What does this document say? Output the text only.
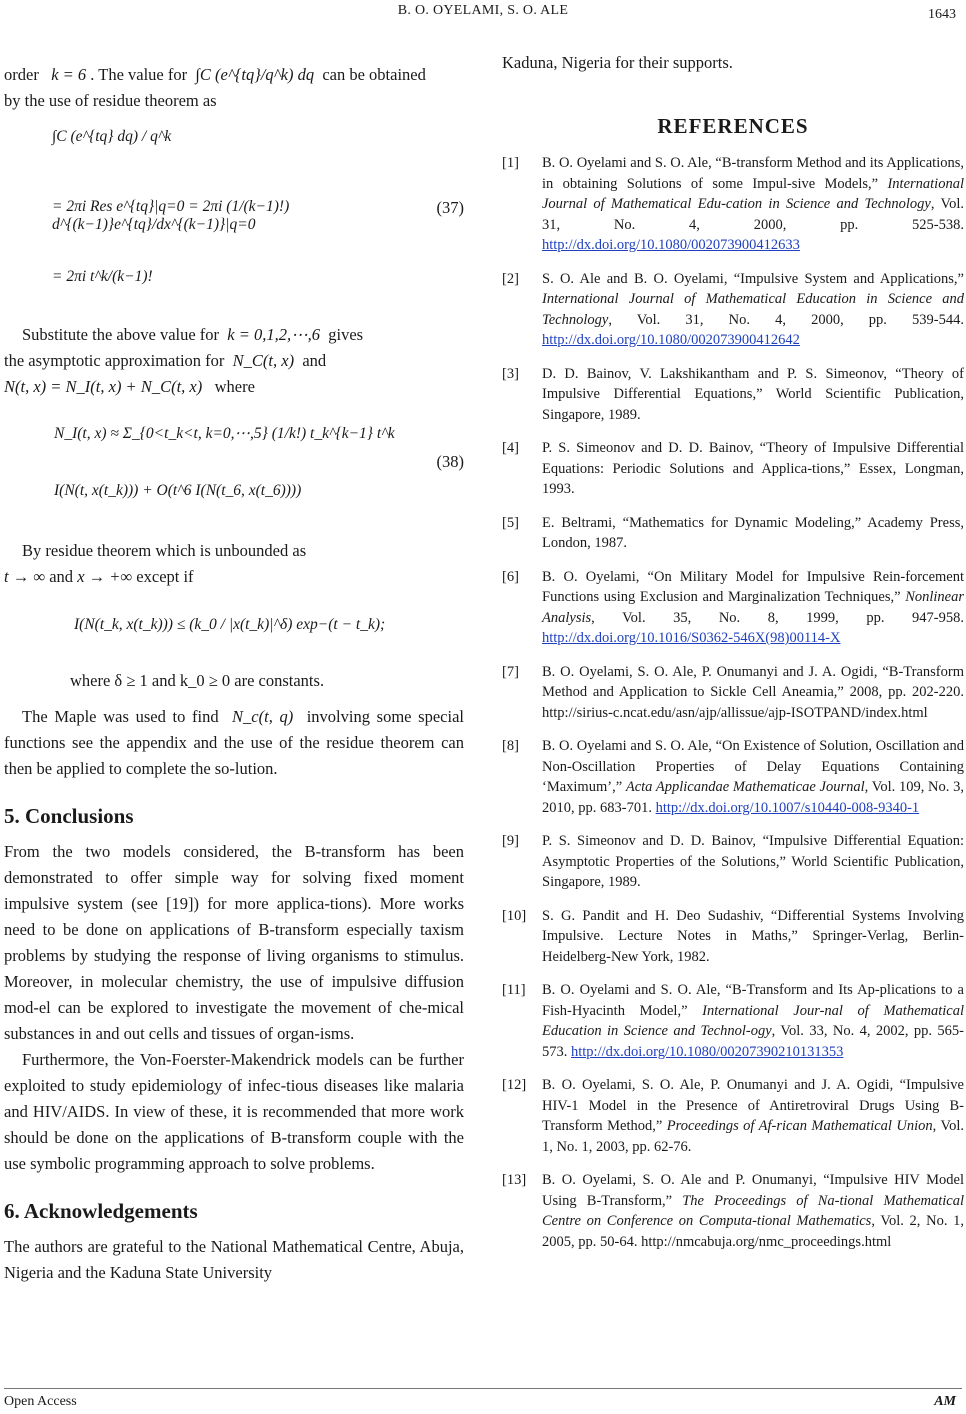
B. O. OYELAMI, S. O. ALE	1643

order k = 6 . The value for ∫C (e^{tq}/q^k) dq can be obtained

by the use of residue theorem as

∫C (e^{tq} dq) / q^k
= 2πi Res e^{tq}|q=0 = 2πi (1/(k−1)!) d^{(k−1)}e^{tq}/dx^{(k−1)}|q=0
= 2πi t^k/(k−1)!
(37)

Substitute the above value for k = 0,1,2,⋯,6 gives

the asymptotic approximation for N_C(t, x) and

N(t, x) = N_I(t, x) + N_C(t, x) where

N_I(t, x) ≈ Σ_{0<t_k<t, k=0,⋯,5} (1/k!) t_k^{k−1} t^k
I(N(t, x(t_k))) + O(t^6 I(N(t_6, x(t_6))))
(38)

By residue theorem which is unbounded as

t → ∞ and x → +∞ except if

I(N(t_k, x(t_k))) ≤ (k_0 / |x(t_k)|^δ) exp−(t − t_k);

where δ ≥ 1 and k_0 ≥ 0 are constants.

The Maple was used to find N_c(t, q) involving some special functions see the appendix and the use of the residue theorem can then be applied to complete the so-lution.

5. Conclusions

From the two models considered, the B-transform has been demonstrated to offer simple way for solving fixed moment impulsive system (see [19]) for more applica-tions). More works need to be done on applications of B-transform especially taxism problems by studying the response of living organisms to stimulus. Moreover, in molecular chemistry, the use of impulsive diffusion mod-el can be explored to investigate the movement of che-mical substances in and out cells and tissues of organ-isms.

Furthermore, the Von-Foerster-Makendrick models can be further exploited to study epidemiology of infec-tious diseases like malaria and HIV/AIDS. In view of these, it is recommended that more work should be done on the applications of B-transform couple with the use symbolic programming approach to solve problems.

6. Acknowledgements

The authors are grateful to the National Mathematical Centre, Abuja, Nigeria and the Kaduna State University

Kaduna, Nigeria for their supports.

REFERENCES
[1]	B. O. Oyelami and S. O. Ale, “B-transform Method and its Applications, in obtaining Solutions of some Impul-sive Models,” International Journal of Mathematical Edu-cation in Science and Technology, Vol. 31, No. 4, 2000, pp. 525-538. http://dx.doi.org/10.1080/002073900412633
[2]	S. O. Ale and B. O. Oyelami, “Impulsive System and Applications,” International Journal of Mathematical Education in Science and Technology, Vol. 31, No. 4, 2000, pp. 539-544. http://dx.doi.org/10.1080/002073900412642
[3]	D. D. Bainov, V. Lakshikantham and P. S. Simeonov, “Theory of Impulsive Differential Equations,” World Scientific Publication, Singapore, 1989.
[4]	P. S. Simeonov and D. D. Bainov, “Theory of Impulsive Differential Equations: Periodic Solutions and Applica-tions,” Essex, Longman, 1993.
[5]	E. Beltrami, “Mathematics for Dynamic Modeling,” Academy Press, London, 1987.
[6]	B. O. Oyelami, “On Military Model for Impulsive Rein-forcement Functions using Exclusion and Marginalization Techniques,” Nonlinear Analysis, Vol. 35, No. 8, 1999, pp. 947-958. http://dx.doi.org/10.1016/S0362-546X(98)00114-X
[7]	B. O. Oyelami, S. O. Ale, P. Onumanyi and J. A. Ogidi, “B-Transform Method and Application to Sickle Cell Aneamia,” 2008, pp. 202-220. http://sirius-c.ncat.edu/asn/ajp/allissue/ajp-ISOTPAND/index.html
[8]	B. O. Oyelami and S. O. Ale, “On Existence of Solution, Oscillation and Non-Oscillation Properties of Delay Equations Containing ‘Maximum’,” Acta Applicandae Mathematicae Journal, Vol. 109, No. 3, 2010, pp. 683-701. http://dx.doi.org/10.1007/s10440-008-9340-1
[9]	P. S. Simeonov and D. D. Bainov, “Impulsive Differential Equation: Asymptotic Properties of the Solutions,” World Scientific Publication, Singapore, 1989.
[10]	S. G. Pandit and H. Deo Sudashiv, “Differential Systems Involving Impulsive. Lecture Notes in Maths,” Springer-Verlag, Berlin-Heidelberg-New York, 1982.
[11]	B. O. Oyelami and S. O. Ale, “B-Transform and Its Ap-plications to a Fish-Hyacinth Model,” International Jour-nal of Mathematical Education in Science and Technol-ogy, Vol. 33, No. 4, 2002, pp. 565-573. http://dx.doi.org/10.1080/00207390210131353
[12]	B. O. Oyelami, S. O. Ale, P. Onumanyi and J. A. Ogidi, “Impulsive HIV-1 Model in the Presence of Antiretroviral Drugs Using B-Transform Method,” Proceedings of Af-rican Mathematical Union, Vol. 1, No. 1, 2003, pp. 62-76.
[13]	B. O. Oyelami, S. O. Ale and P. Onumanyi, “Impulsive HIV Model Using B-Transform,” The Proceedings of Na-tional Mathematical Centre on Conference on Computa-tional Mathematics, Vol. 2, No. 1, 2005, pp. 50-64. http://nmcabuja.org/nmc_proceedings.html
Open Access	AM
